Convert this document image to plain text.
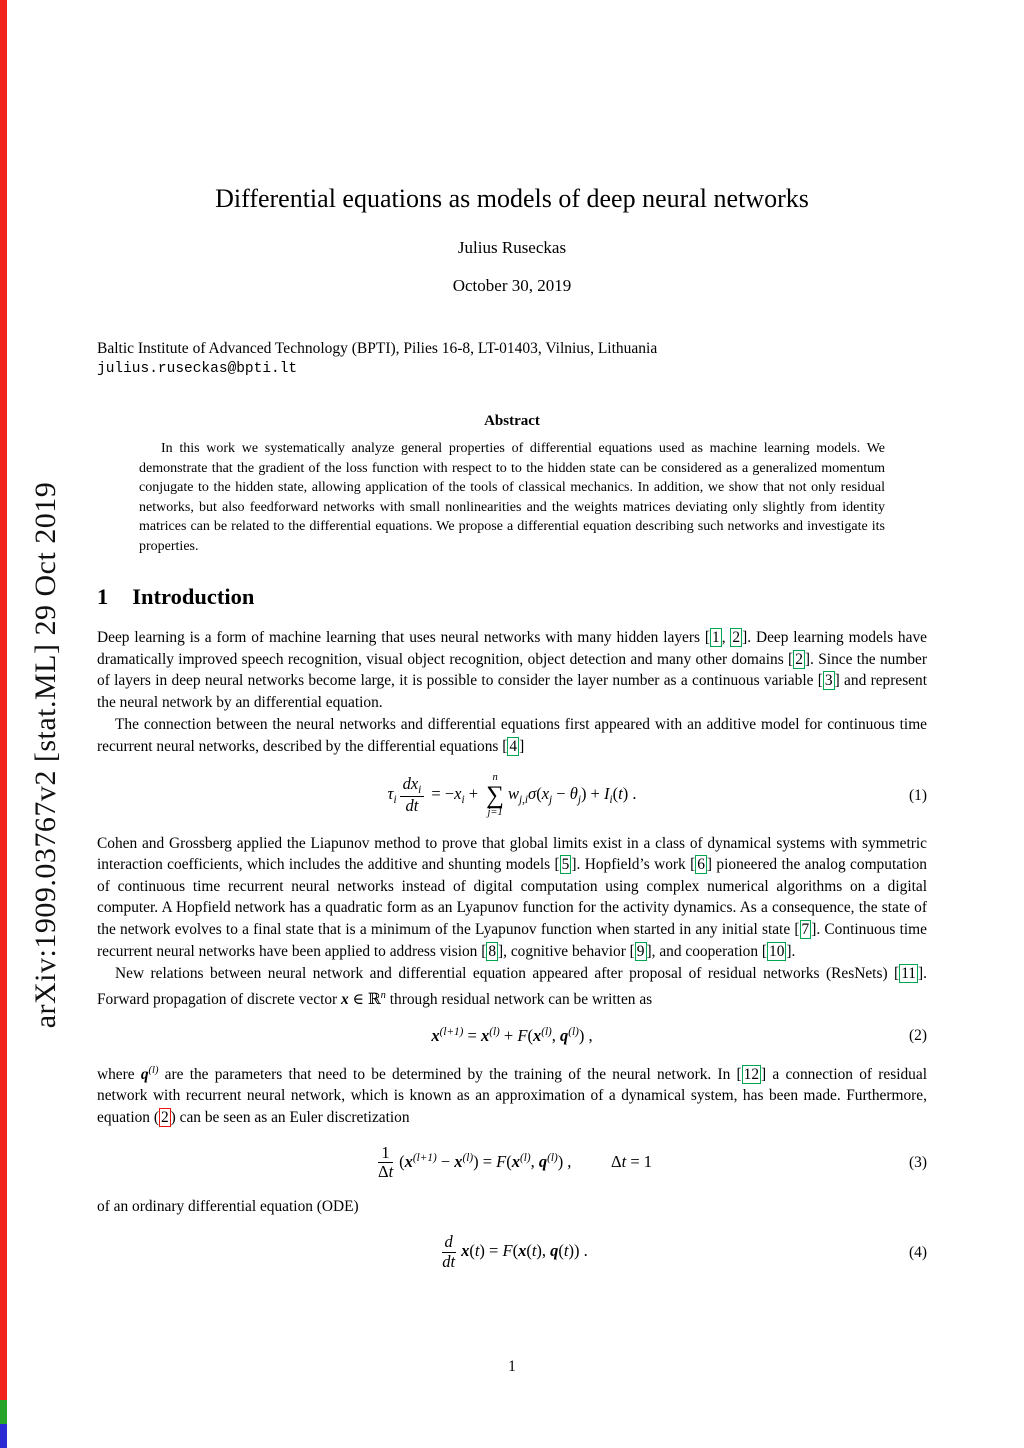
arXiv:1909.03767v2 [stat.ML] 29 Oct 2019
Differential equations as models of deep neural networks
Julius Ruseckas
October 30, 2019
Baltic Institute of Advanced Technology (BPTI), Pilies 16-8, LT-01403, Vilnius, Lithuania
julius.ruseckas@bpti.lt
Abstract

In this work we systematically analyze general properties of differential equations used as machine learning models. We demonstrate that the gradient of the loss function with respect to to the hidden state can be considered as a generalized momentum conjugate to the hidden state, allowing application of the tools of classical mechanics. In addition, we show that not only residual networks, but also feedforward networks with small nonlinearities and the weights matrices deviating only slightly from identity matrices can be related to the differential equations. We propose a differential equation describing such networks and investigate its properties.

1 Introduction

Deep learning is a form of machine learning that uses neural networks with many hidden layers [ 1 , 2 ]. Deep learning models have dramatically improved speech recognition, visual object recognition, object detection and many other domains [ 2 ]. Since the number of layers in deep neural networks become large, it is possible to consider the layer number as a continuous variable [ 3 ] and represent the neural network by an differential equation.

The connection between the neural networks and differential equations first appeared with an additive model for continuous time recurrent neural networks, described by the differential equations [ 4 ]

$\tau_i \frac{dx_i}{dt} = -x_i$ +
n
∑
j=1
$w_{j,i}\sigma(x_j - \theta_j) + I_i(t)$ .	(1)

Cohen and Grossberg applied the Liapunov method to prove that global limits exist in a class of dynamical systems with symmetric interaction coefficients, which includes the additive and shunting models [ 5 ]. Hopfield’s work [ 6 ] pioneered the analog computation of continuous time recurrent neural networks instead of digital computation using complex numerical algorithms on a digital computer. A Hopfield network has a quadratic form as an Lyapunov function for the activity dynamics. As a consequence, the state of the network evolves to a final state that is a minimum of the Lyapunov function when started in any initial state [ 7 ]. Continuous time recurrent neural networks have been applied to address vision [ 8 ], cognitive behavior [ 9 ], and cooperation [ 10 ].

New relations between neural network and differential equation appeared after proposal of residual networks (ResNets) [ 11 ]. Forward propagation of discrete vector x ∈ ℝ$^n$ through residual network can be written as

$x^{(l+1)} = x^{(l)} + F(x^{(l)}$, $q^{(l)}$) ,	(2)

where $q^{(l)}$ are the parameters that need to be determined by the training of the neural network. In [ 12 ] a connection of residual network with recurrent neural network, which is known as an approximation of a dynamical system, has been made. Furthermore, equation ( 2 ) can be seen as an Euler discretization

$\frac{1}{\Delta t} (x^{(l+1)} - x^{(l)}) = F(x^{(l)}$, $q^{(l)}$) , Δt = 1	(3)

of an ordinary differential equation (ODE)

$\frac{d}{dt} x(t) = F(x(t)$, q(t)) .	(4)
1
